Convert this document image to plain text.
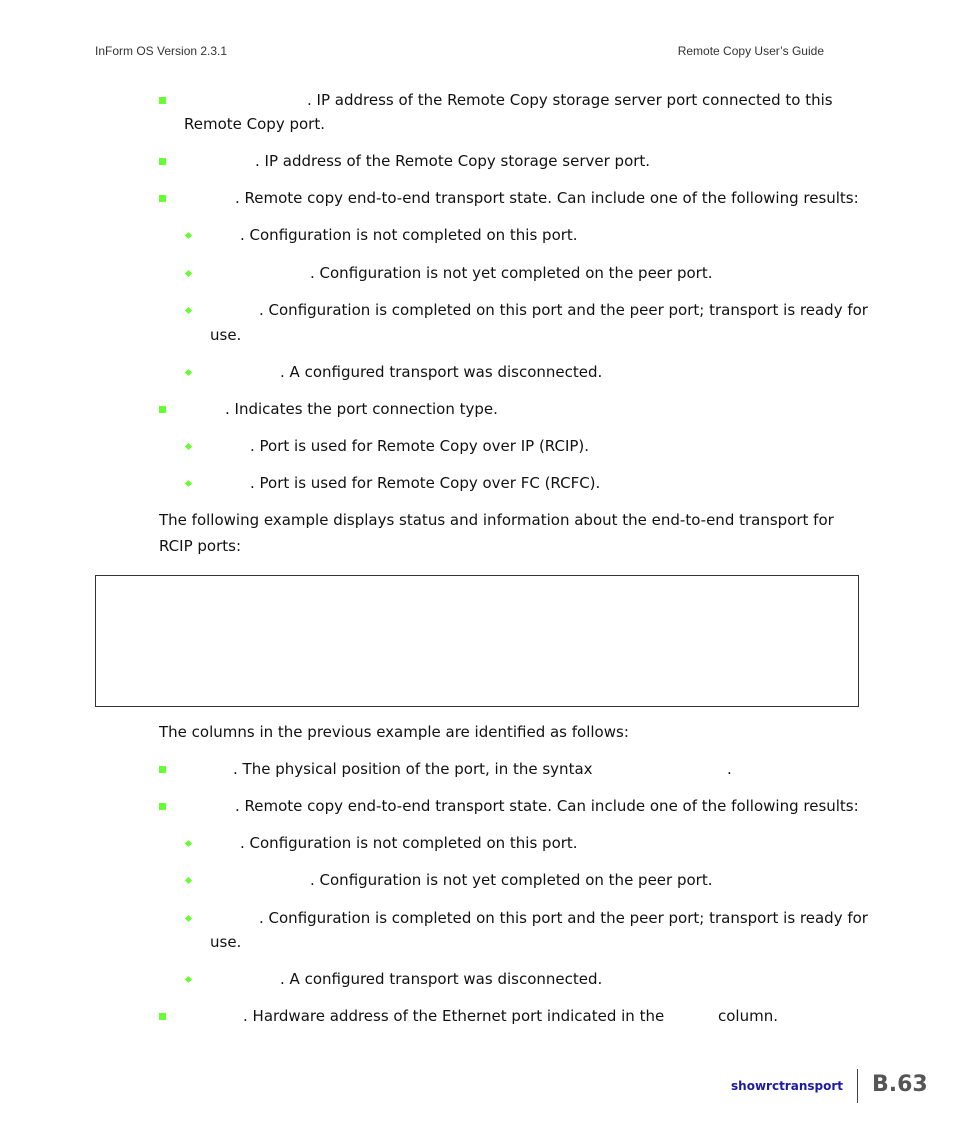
InForm OS Version 2.3.1	Remote Copy User’s Guide
. IP address of the Remote Copy storage server port connected to this
Remote Copy port.
. IP address of the Remote Copy storage server port.
. Remote copy end-to-end transport state. Can include one of the following results:
. Configuration is not completed on this port.
. Configuration is not yet completed on the peer port.
. Configuration is completed on this port and the peer port; transport is ready for
use.
. A configured transport was disconnected.
. Indicates the port connection type.
. Port is used for Remote Copy over IP (RCIP).
. Port is used for Remote Copy over FC (RCFC).
The following example displays status and information about the end-to-end transport for
RCIP ports:
The columns in the previous example are identified as follows:
. The physical position of the port, in the syntax	.
. Remote copy end-to-end transport state. Can include one of the following results:
. Configuration is not completed on this port.
. Configuration is not yet completed on the peer port.
. Configuration is completed on this port and the peer port; transport is ready for
use.
. A configured transport was disconnected.
. Hardware address of the Ethernet port indicated in the	column.
showrctransport B.63
